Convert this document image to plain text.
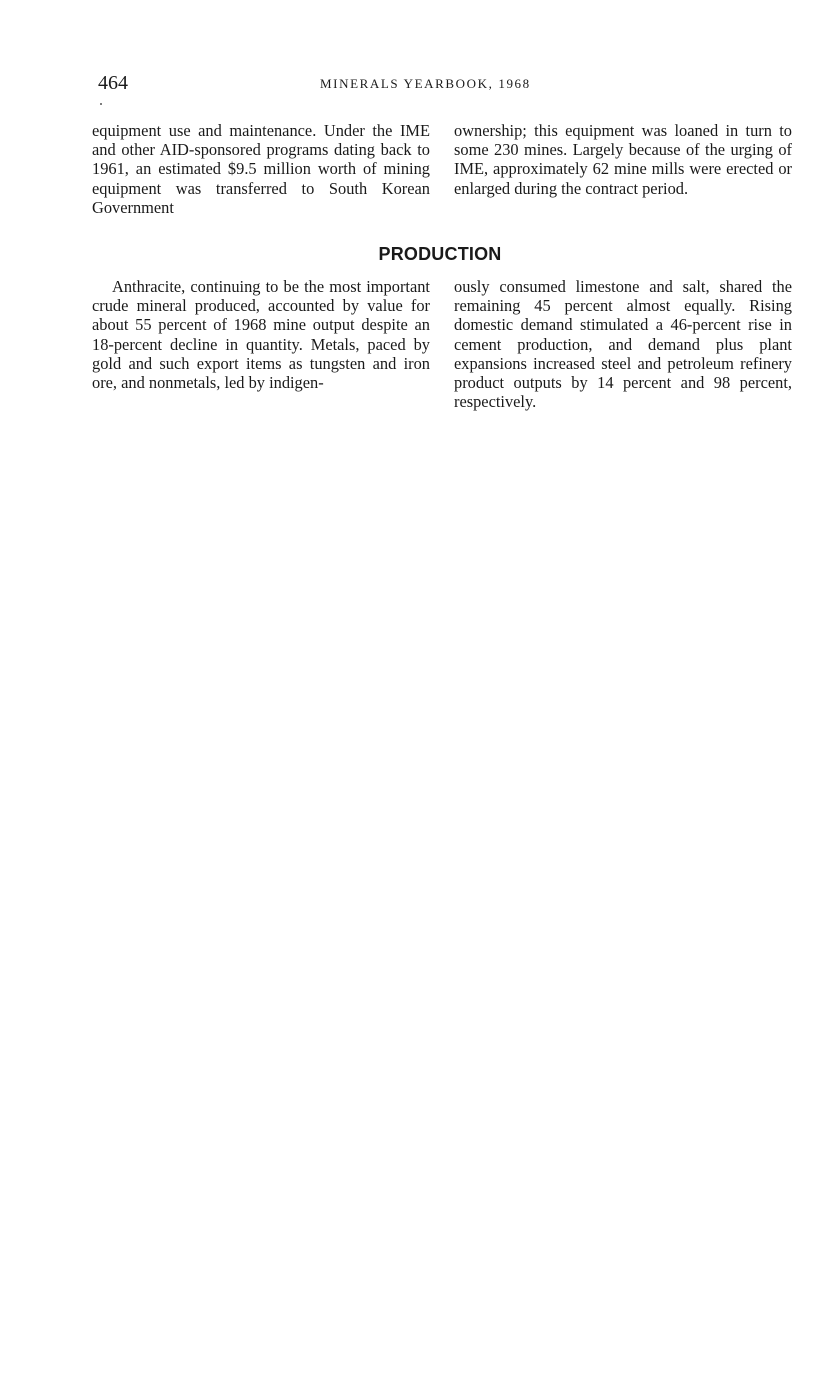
464	MINERALS YEARBOOK, 1968

equipment use and maintenance. Under the IME and other AID-sponsored programs dating back to 1961, an estimated $9.5 million worth of mining equipment was transferred to South Korean Government

ownership; this equipment was loaned in turn to some 230 mines. Largely because of the urging of IME, approximately 62 mine mills were erected or enlarged during the contract period.

PRODUCTION

Anthracite, continuing to be the most important crude mineral produced, accounted by value for about 55 percent of 1968 mine output despite an 18-percent decline in quantity. Metals, paced by gold and such export items as tungsten and iron ore, and nonmetals, led by indigen-

ously consumed limestone and salt, shared the remaining 45 percent almost equally. Rising domestic demand stimulated a 46-percent rise in cement production, and demand plus plant expansions increased steel and petroleum refinery product outputs by 14 percent and 98 percent, respectively.
